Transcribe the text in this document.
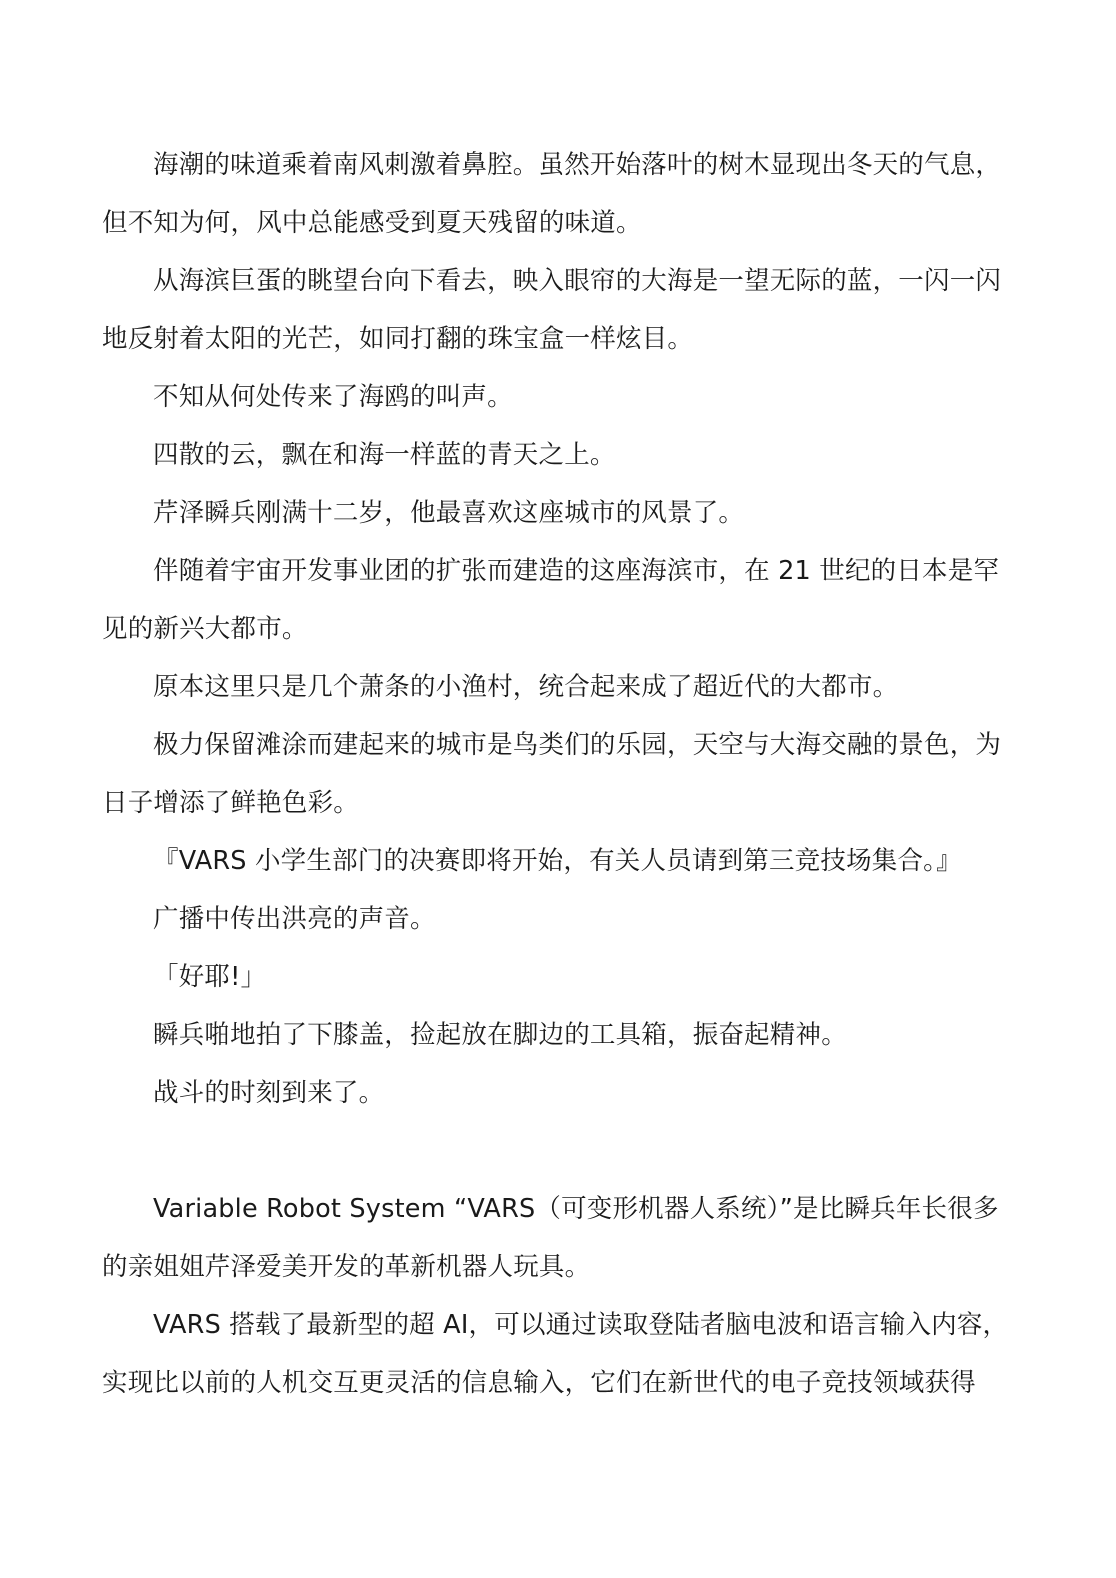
海潮的味道乘着南风刺激着鼻腔。虽然开始落叶的树木显现出冬天的气息，但不知为何，风中总能感受到夏天残留的味道。

从海滨巨蛋的眺望台向下看去，映入眼帘的大海是一望无际的蓝，一闪一闪地反射着太阳的光芒，如同打翻的珠宝盒一样炫目。

不知从何处传来了海鸥的叫声。

四散的云，飘在和海一样蓝的青天之上。

芹泽瞬兵刚满十二岁，他最喜欢这座城市的风景了。

伴随着宇宙开发事业团的扩张而建造的这座海滨市，在 21 世纪的日本是罕见的新兴大都市。

原本这里只是几个萧条的小渔村，统合起来成了超近代的大都市。

极力保留滩涂而建起来的城市是鸟类们的乐园，天空与大海交融的景色，为日子增添了鲜艳色彩。

『VARS 小学生部门的决赛即将开始，有关人员请到第三竞技场集合。』

广播中传出洪亮的声音。

「好耶!」

瞬兵啪地拍了下膝盖，捡起放在脚边的工具箱，振奋起精神。

战斗的时刻到来了。

Variable Robot System “VARS（可变形机器人系统）”是比瞬兵年长很多的亲姐姐芹泽爱美开发的革新机器人玩具。

VARS 搭载了最新型的超 AI，可以通过读取登陆者脑电波和语言输入内容，实现比以前的人机交互更灵活的信息输入，它们在新世代的电子竞技领域获得
